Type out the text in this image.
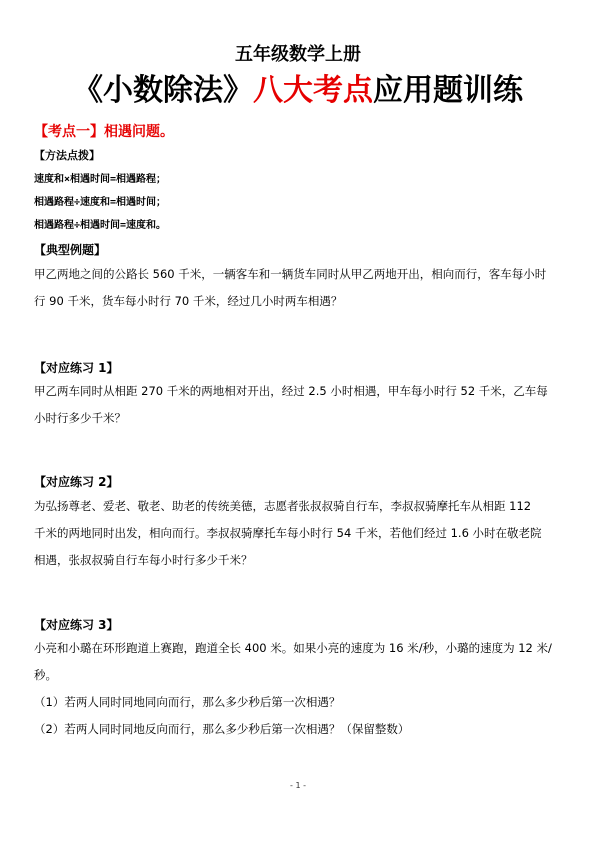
五年级数学上册
《小数除法》八大考点应用题训练
【考点一】相遇问题。
【方法点拨】
速度和×相遇时间=相遇路程；
相遇路程÷速度和=相遇时间；
相遇路程÷相遇时间=速度和。
【典型例题】
甲乙两地之间的公路长 560 千米，一辆客车和一辆货车同时从甲乙两地开出，相向而行，客车每小时
行 90 千米，货车每小时行 70 千米，经过几小时两车相遇？
【对应练习 1】
甲乙两车同时从相距 270 千米的两地相对开出，经过 2.5 小时相遇，甲车每小时行 52 千米，乙车每
小时行多少千米？
【对应练习 2】
为弘扬尊老、爱老、敬老、助老的传统美德，志愿者张叔叔骑自行车，李叔叔骑摩托车从相距 112
千米的两地同时出发，相向而行。李叔叔骑摩托车每小时行 54 千米，若他们经过 1.6 小时在敬老院
相遇，张叔叔骑自行车每小时行多少千米？
【对应练习 3】
小亮和小璐在环形跑道上赛跑，跑道全长 400 米。如果小亮的速度为 16 米/秒，小璐的速度为 12 米/
秒。
（1）若两人同时同地同向而行，那么多少秒后第一次相遇？
（2）若两人同时同地反向而行，那么多少秒后第一次相遇？（保留整数）
- 1 -
